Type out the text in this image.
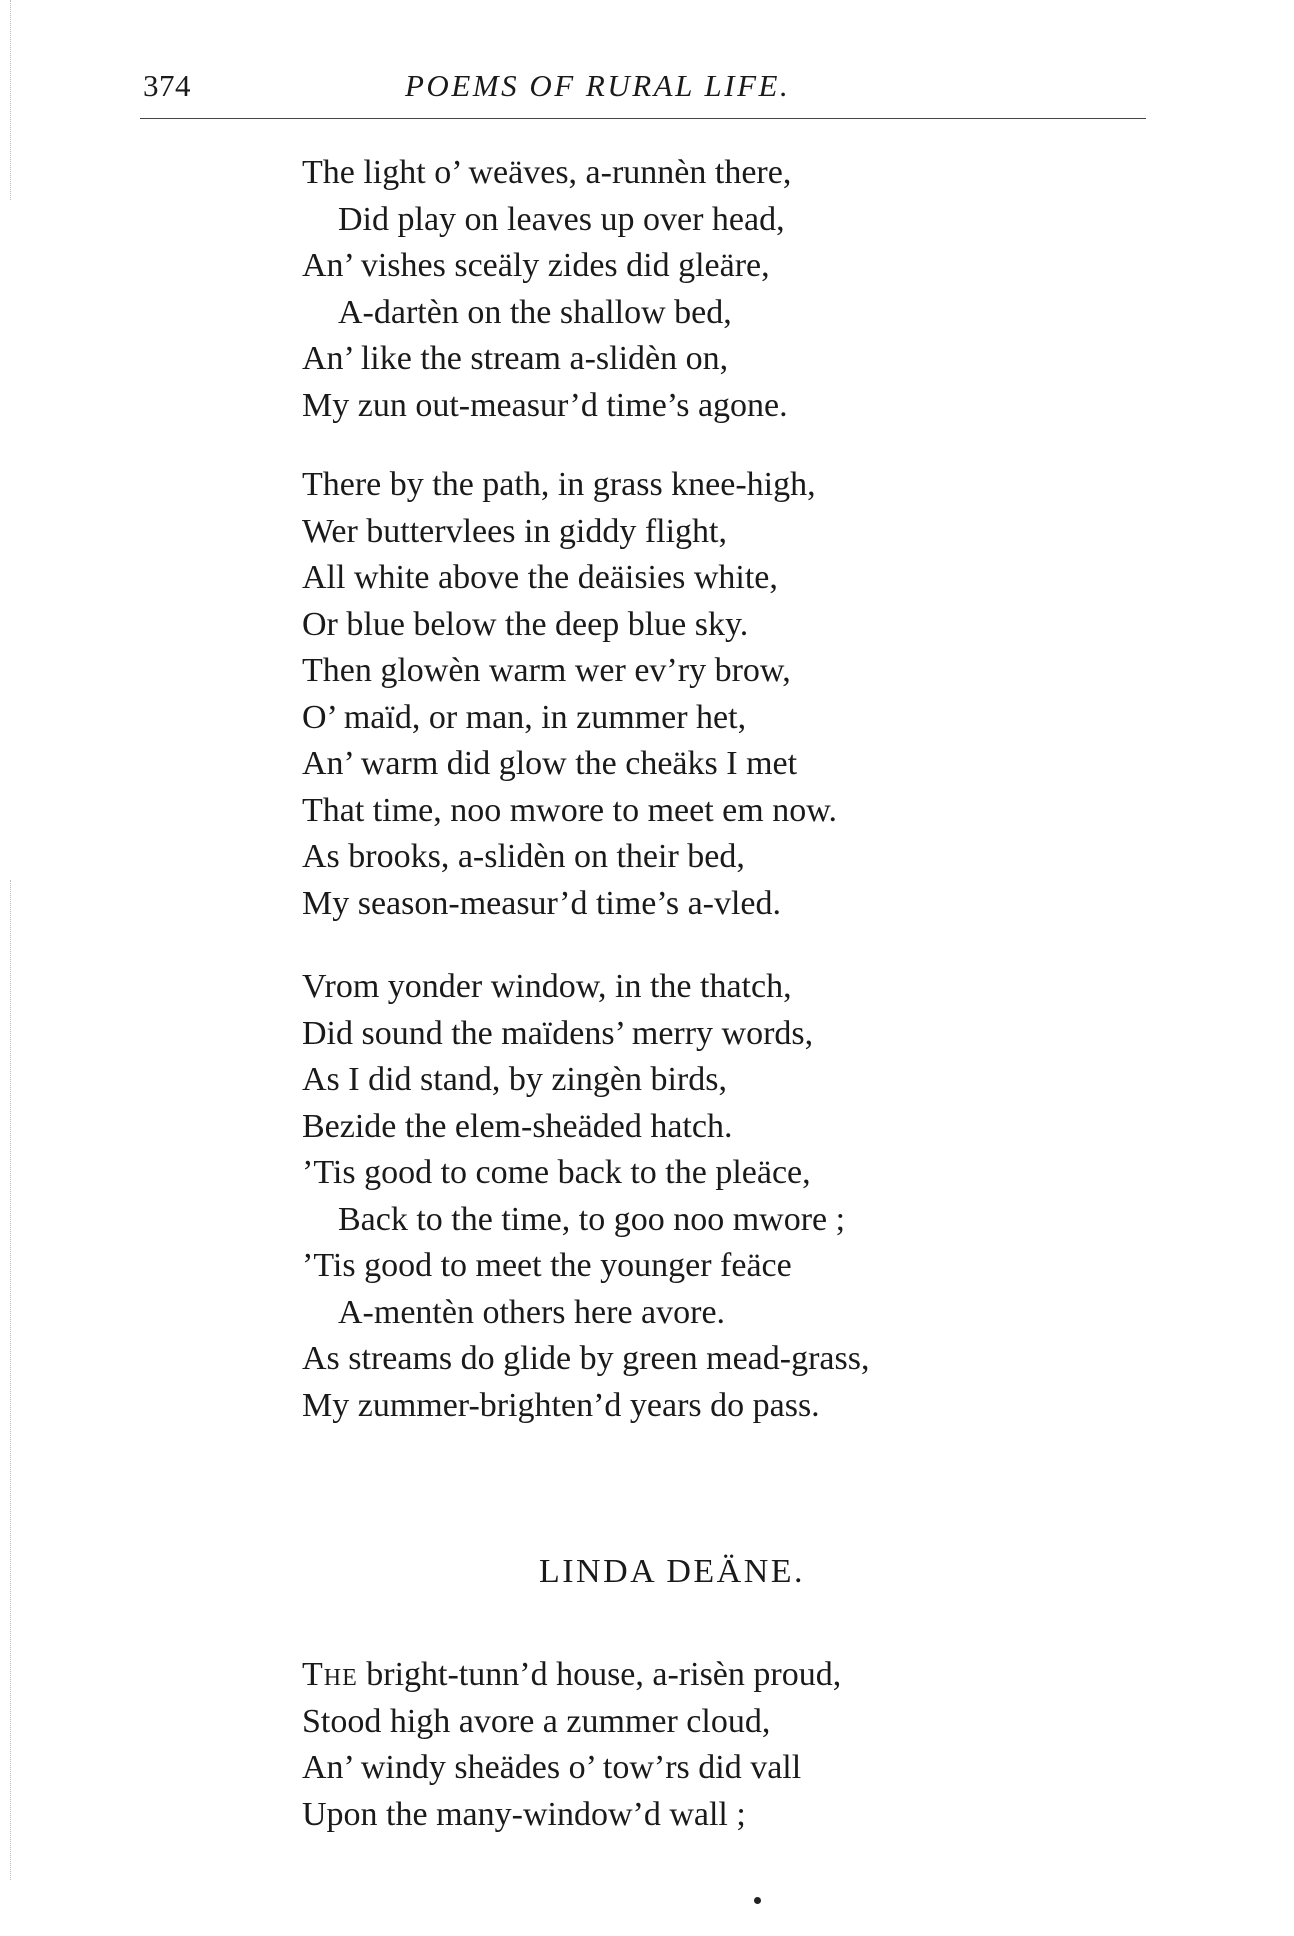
374	POEMS OF RURAL LIFE.
The light o’ weäves, a-runnèn there,
Did play on leaves up over head,
An’ vishes sceäly zides did gleäre,
A-dartèn on the shallow bed,
An’ like the stream a-slidèn on,
My zun out-measur’d time’s agone.
There by the path, in grass knee-high,
Wer buttervlees in giddy flight,
All white above the deäisies white,
Or blue below the deep blue sky.
Then glowèn warm wer ev’ry brow,
O’ maïd, or man, in zummer het,
An’ warm did glow the cheäks I met
That time, noo mwore to meet em now.
As brooks, a-slidèn on their bed,
My season-measur’d time’s a-vled.
Vrom yonder window, in the thatch,
Did sound the maïdens’ merry words,
As I did stand, by zingèn birds,
Bezide the elem-sheäded hatch.
’Tis good to come back to the pleäce,
Back to the time, to goo noo mwore ;
’Tis good to meet the younger feäce
A-mentèn others here avore.
As streams do glide by green mead-grass,
My zummer-brighten’d years do pass.
LINDA DEÄNE.
The bright-tunn’d house, a-risèn proud,
Stood high avore a zummer cloud,
An’ windy sheädes o’ tow’rs did vall
Upon the many-window’d wall ;
